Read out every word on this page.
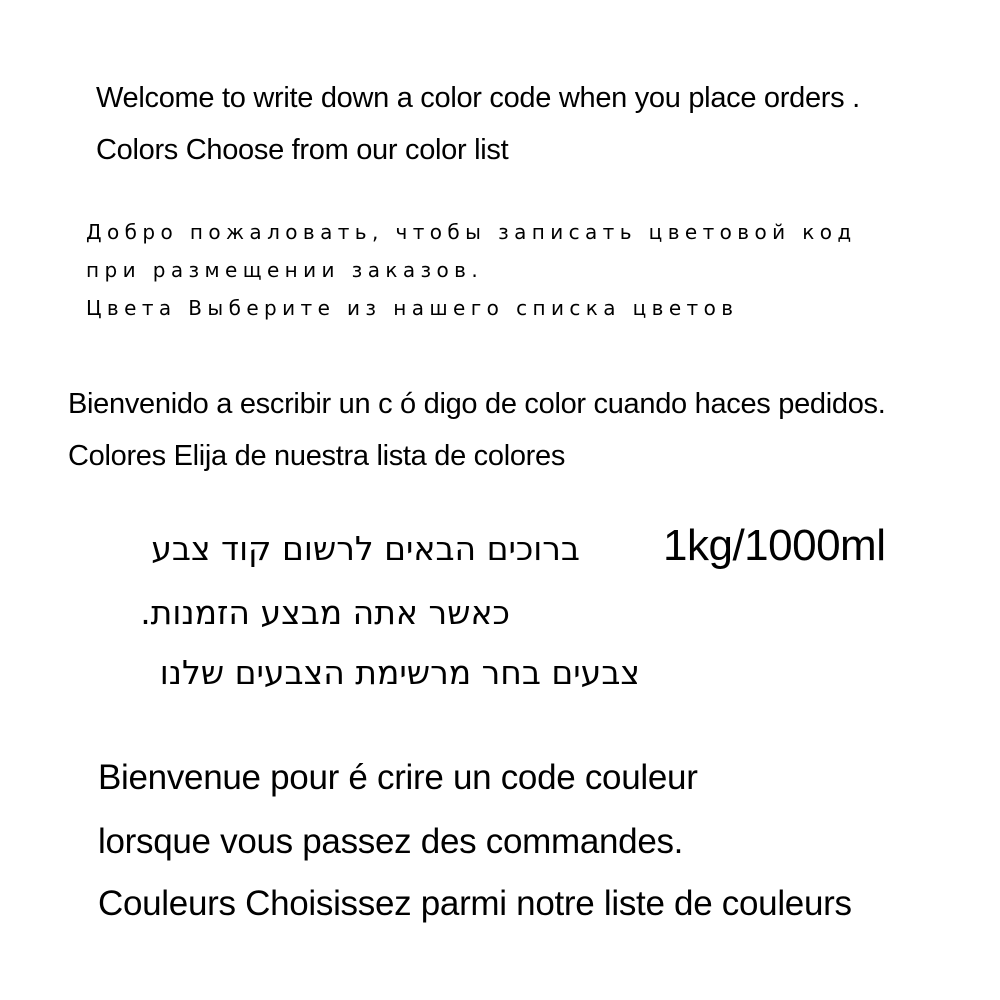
Welcome to write down a color code when you place orders .

Colors Choose from our color list

Добро пожаловать, чтобы записать цветовой код

при размещении заказов.

Цвета Выберите из нашего списка цветов

Bienvenido a escribir un c ó digo de color cuando haces pedidos.

Colores Elija de nuestra lista de colores

ברוכים הבאים לרשום קוד צבע

כאשר אתה מבצע הזמנות.

צבעים בחר מרשימת הצבעים שלנו

1kg/1000ml

Bienvenue pour é crire un code couleur

lorsque vous passez des commandes.

Couleurs Choisissez parmi notre liste de couleurs
